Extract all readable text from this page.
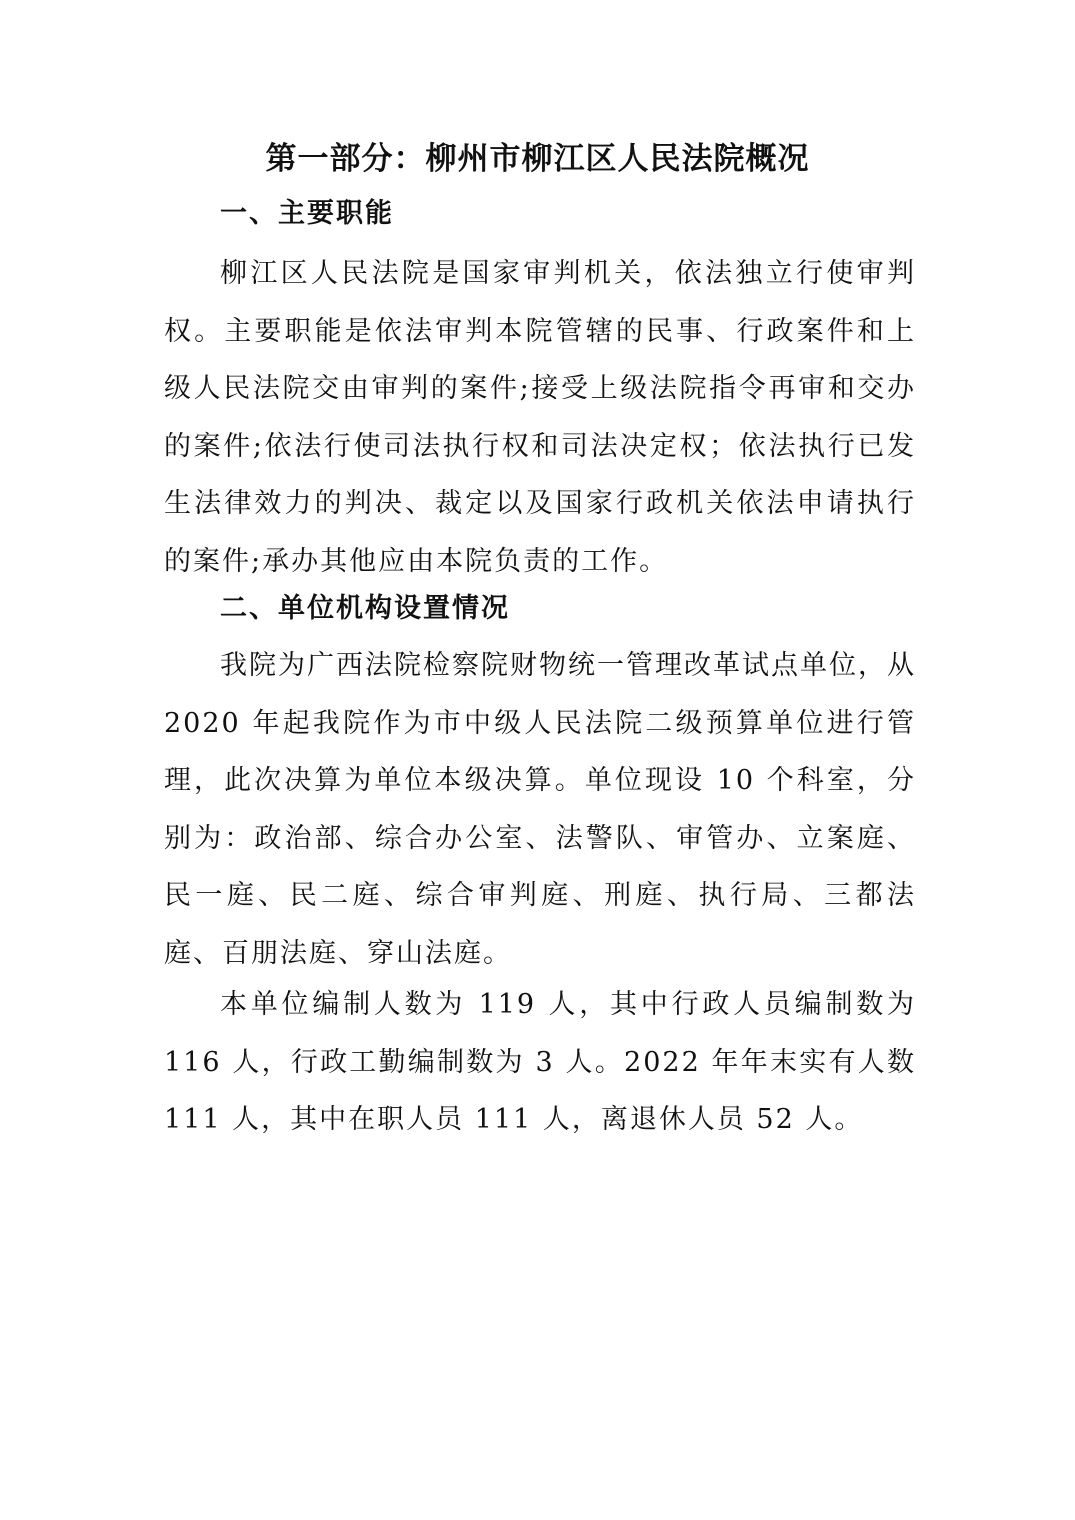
第一部分：柳州市柳江区人民法院概况
一、主要职能

柳江区人民法院是国家审判机关，依法独立行使审判权。主要职能是依法审判本院管辖的民事、行政案件和上级人民法院交由审判的案件;接受上级法院指令再审和交办的案件;依法行使司法执行权和司法决定权；依法执行已发生法律效力的判决、裁定以及国家行政机关依法申请执行的案件;承办其他应由本院负责的工作。

二、单位机构设置情况

我院为广西法院检察院财物统一管理改革试点单位，从 2020 年起我院作为市中级人民法院二级预算单位进行管理，此次决算为单位本级决算。单位现设 10 个科室，分别为：政治部、综合办公室、法警队、审管办、立案庭、民一庭、民二庭、综合审判庭、刑庭、执行局、三都法庭、百朋法庭、穿山法庭。

本单位编制人数为 119 人，其中行政人员编制数为 116 人，行政工勤编制数为 3 人。2022 年年末实有人数 111 人，其中在职人员 111 人，离退休人员 52 人。
